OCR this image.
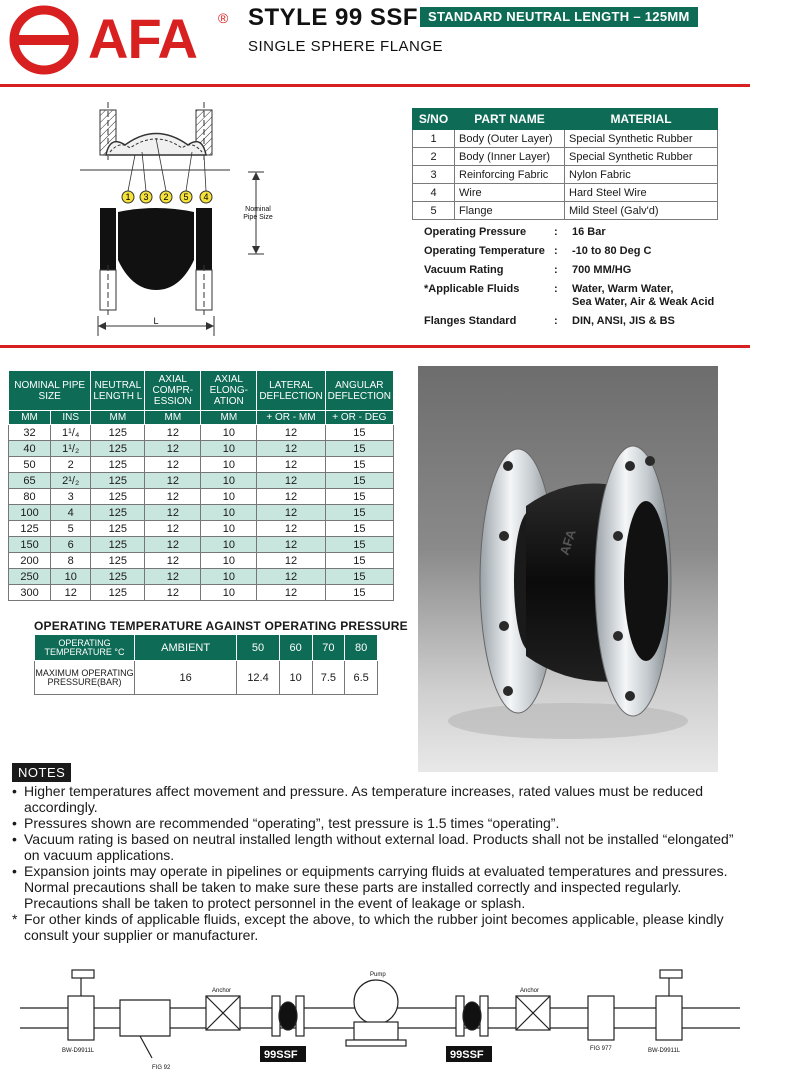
AFA ® STYLE 99 SSF STANDARD NEUTRAL LENGTH – 125MM
SINGLE SPHERE FLANGE
1 3 2 5 4
Nominal
Pipe Size
L
S/NO	PART NAME	MATERIAL
1	Body (Outer Layer)	Special Synthetic Rubber
2	Body (Inner Layer)	Special Synthetic Rubber
3	Reinforcing Fabric	Nylon Fabric
4	Wire	Hard Steel Wire
5	Flange	Mild Steel (Galv'd)
Operating Pressure	:	16 Bar
Operating Temperature :	-10 to 80 Deg C
Vacuum Rating	:	700 MM/HG
*Applicable Fluids	:	Water, Warm Water,
Sea Water, Air & Weak Acid
Flanges Standard	:	DIN, ANSI, JIS & BS
NOMINAL PIPE SIZE		NEUTRAL LENGTH L	AXIAL COMPR- ESSION	AXIAL ELONG- ATION	LATERAL DEFLECTION	ANGULAR DEFLECTION
MM	INS	MM	MM	MM	+ OR - MM	+ OR - DEG
32	1¹/₄	125	12	10	12	15
40	1¹/₂	125	12	10	12	15
50	2	125	12	10	12	15
65	2¹/₂	125	12	10	12	15
80	3	125	12	10	12	15
100	4	125	12	10	12	15
125	5	125	12	10	12	15
150	6	125	12	10	12	15
200	8	125	12	10	12	15
250	10	125	12	10	12	15
300	12	125	12	10	12	15
OPERATING TEMPERATURE AGAINST OPERATING PRESSURE
OPERATING TEMPERATURE °C	AMBIENT	50	60	70	80
MAXIMUM OPERATING PRESSURE(BAR)	16	12.4	10	7.5	6.5
AFA
NOTES
• Higher temperatures affect movement and pressure. As temperature increases, rated values must be reduced accordingly.
• Pressures shown are recommended “operating”, test pressure is 1.5 times “operating”.
• Vacuum rating is based on neutral installed length without external load. Products shall not be installed “elongated” on vacuum applications.
• Expansion joints may operate in pipelines or equipments carrying fluids at evaluated temperatures and pressures. Normal precautions shall be taken to make sure these parts are installed correctly and inspected regularly. Precautions shall be taken to protect personnel in the event of leakage or splash.
* For other kinds of applicable fluids, except the above, to which the rubber joint becomes applicable, please kindly consult your supplier or manufacturer.
Pump
Anchor	Anchor
BW-D9911L
FIG 92
FIG 977	BW-D9911L
99SSF	99SSF
